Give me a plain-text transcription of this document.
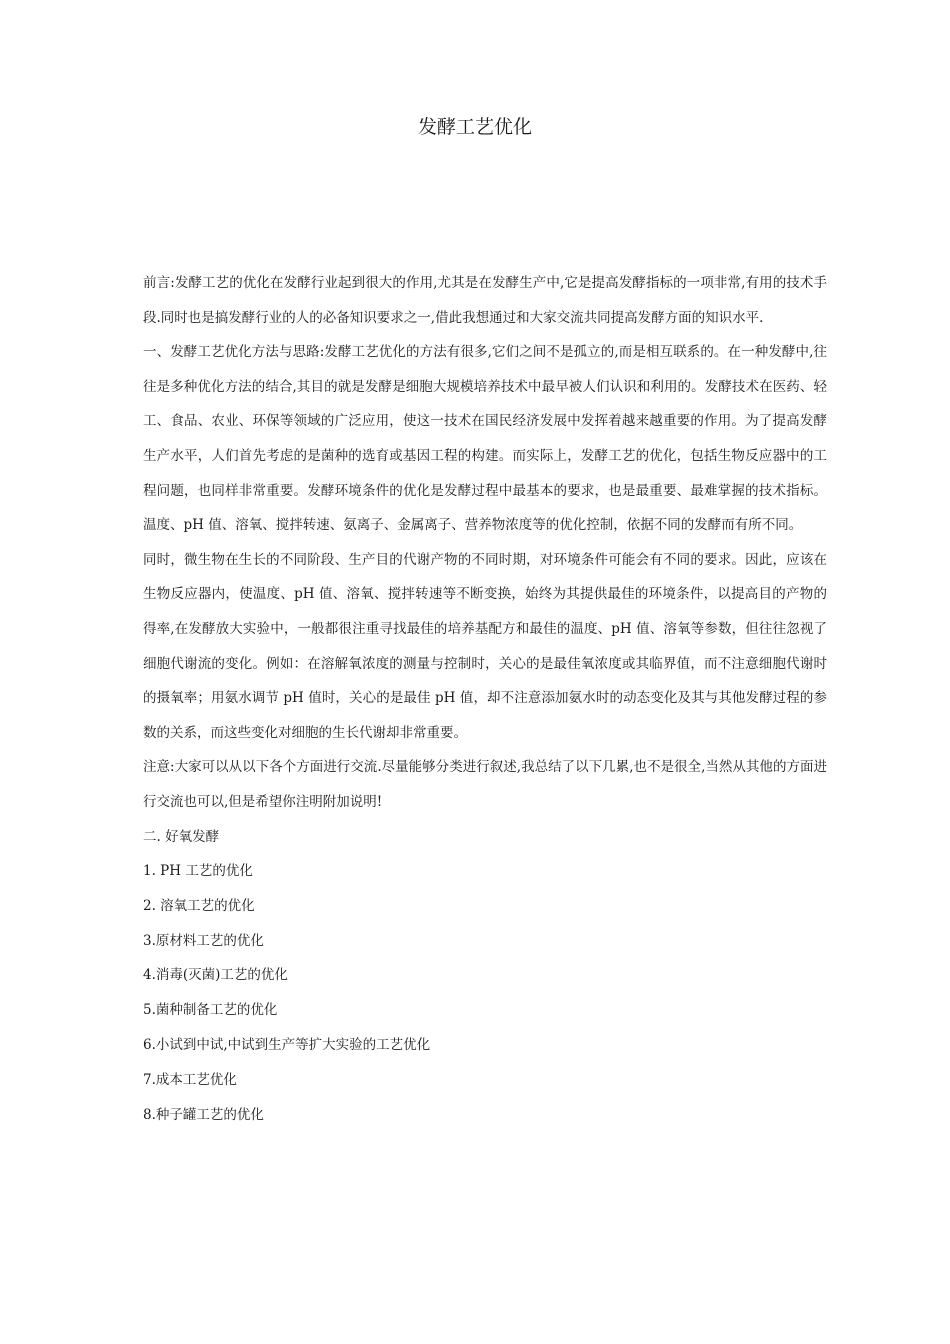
发酵工艺优化

前言:发酵工艺的优化在发酵行业起到很大的作用,尤其是在发酵生产中,它是提高发酵指标的一项非常,有用的技术手段.同时也是搞发酵行业的人的必备知识要求之一,借此我想通过和大家交流共同提高发酵方面的知识水平.

一、发酵工艺优化方法与思路:发酵工艺优化的方法有很多,它们之间不是孤立的,而是相互联系的。在一种发酵中,往往是多种优化方法的结合,其目的就是发酵是细胞大规模培养技术中最早被人们认识和利用的。发酵技术在医药、轻工、食品、农业、环保等领域的广泛应用，使这一技术在国民经济发展中发挥着越来越重要的作用。为了提高发酵生产水平，人们首先考虑的是菌种的选育或基因工程的构建。而实际上，发酵工艺的优化，包括生物反应器中的工程问题，也同样非常重要。发酵环境条件的优化是发酵过程中最基本的要求，也是最重要、最难掌握的技术指标。温度、pH 值、溶氧、搅拌转速、氨离子、金属离子、营养物浓度等的优化控制，依据不同的发酵而有所不同。

同时，微生物在生长的不同阶段、生产目的代谢产物的不同时期，对环境条件可能会有不同的要求。因此，应该在生物反应器内，使温度、pH 值、溶氧、搅拌转速等不断变换，始终为其提供最佳的环境条件，以提高目的产物的得率,在发酵放大实验中，一般都很注重寻找最佳的培养基配方和最佳的温度、pH 值、溶氧等参数，但往往忽视了细胞代谢流的变化。例如：在溶解氧浓度的测量与控制时，关心的是最佳氧浓度或其临界值，而不注意细胞代谢时的摄氧率；用氨水调节 pH 值时，关心的是最佳 pH 值，却不注意添加氨水时的动态变化及其与其他发酵过程的参数的关系，而这些变化对细胞的生长代谢却非常重要。

注意:大家可以从以下各个方面进行交流.尽量能够分类进行叙述,我总结了以下几累,也不是很全,当然从其他的方面进行交流也可以,但是希望你注明附加说明!

二. 好氧发酵

1. PH 工艺的优化
2. 溶氧工艺的优化
3.原材料工艺的优化
4.消毒(灭菌)工艺的优化
5.菌种制备工艺的优化
6.小试到中试,中试到生产等扩大实验的工艺优化
7.成本工艺优化
8.种子罐工艺的优化
